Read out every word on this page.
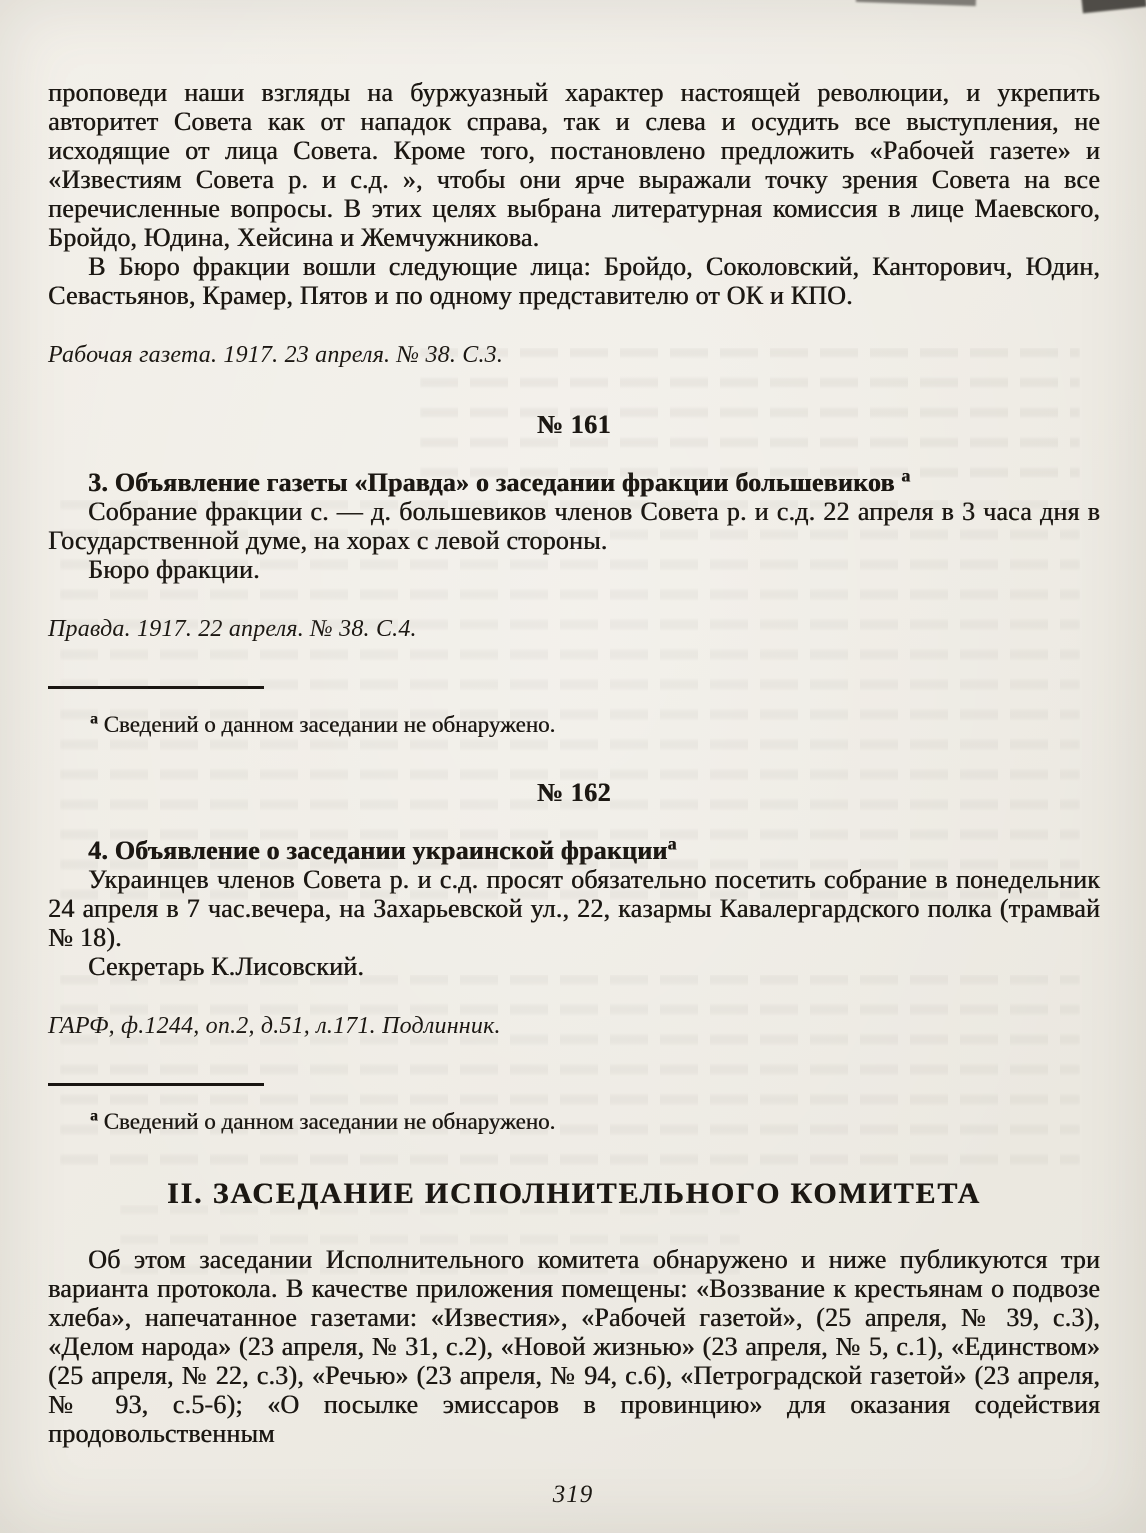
проповеди наши взгляды на буржуазный характер настоящей революции, и укрепить авторитет Совета как от нападок справа, так и слева и осудить все выступления, не исходящие от лица Совета. Кроме того, постановлено предложить «Рабочей газете» и «Известиям Совета р. и с.д. », чтобы они ярче выражали точку зрения Совета на все перечисленные вопросы. В этих целях выбрана литературная комиссия в лице Маевского, Бройдо, Юдина, Хейсина и Жемчужникова.

В Бюро фракции вошли следующие лица: Бройдо, Соколовский, Канторович, Юдин, Севастьянов, Крамер, Пятов и по одному представителю от ОК и КПО.

Рабочая газета. 1917. 23 апреля. № 38. С.3.

№ 161

3. Объявление газеты «Правда» о заседании фракции большевиков $^а$

Собрание фракции с. — д. большевиков членов Совета р. и с.д. 22 апреля в 3 часа дня в Государственной думе, на хорах с левой стороны.

Бюро фракции.

Правда. 1917. 22 апреля. № 38. С.4.

$^а$ Сведений о данном заседании не обнаружено.

№ 162

4. Объявление о заседании украинской фракции$^а$

Украинцев членов Совета р. и с.д. просят обязательно посетить собрание в понедельник 24 апреля в 7 час.вечера, на Захарьевской ул., 22, казармы Кавалергардского полка (трамвай № 18).

Секретарь К.Лисовский.

ГАРФ, ф.1244, оп.2, д.51, л.171. Подлинник.

$^а$ Сведений о данном заседании не обнаружено.

II. ЗАСЕДАНИЕ ИСПОЛНИТЕЛЬНОГО КОМИТЕТА

Об этом заседании Исполнительного комитета обнаружено и ниже публикуются три варианта протокола. В качестве приложения помещены: «Воззвание к крестьянам о подвозе хлеба», напечатанное газетами: «Известия», «Рабочей газетой», (25 апреля, № 39, с.3), «Делом народа» (23 апреля, № 31, с.2), «Новой жизнью» (23 апреля, № 5, с.1), «Единством» (25 апреля, № 22, с.3), «Речью» (23 апреля, № 94, с.6), «Петроградской газетой» (23 апреля, № 93, с.5-6); «О посылке эмиссаров в провинцию» для оказания содействия продовольственным

319
